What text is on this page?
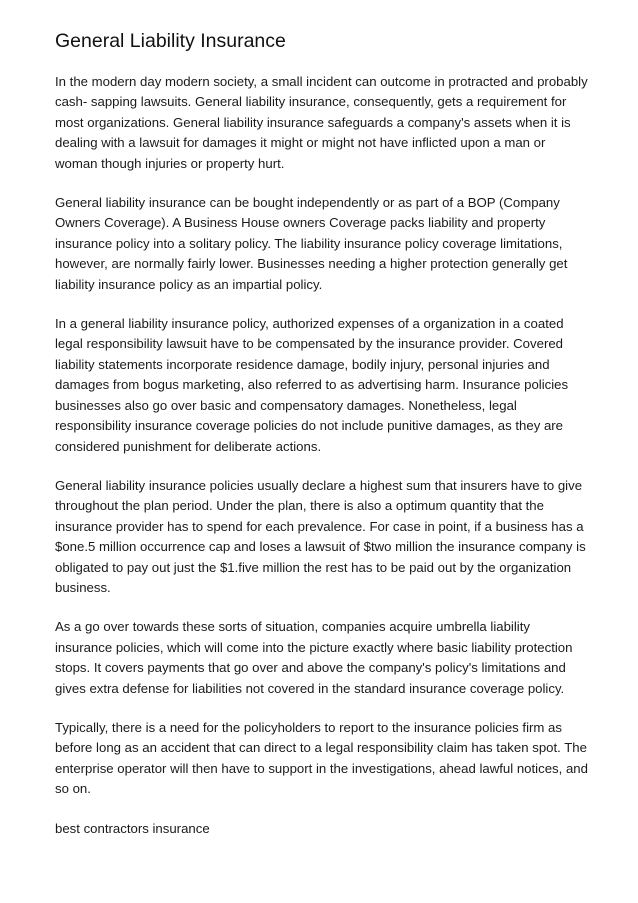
General Liability Insurance

In the modern day modern society, a small incident can outcome in protracted and probably cash- sapping lawsuits. General liability insurance, consequently, gets a requirement for most organizations. General liability insurance safeguards a company's assets when it is dealing with a lawsuit for damages it might or might not have inflicted upon a man or woman though injuries or property hurt.

General liability insurance can be bought independently or as part of a BOP (Company Owners Coverage). A Business House owners Coverage packs liability and property insurance policy into a solitary policy. The liability insurance policy coverage limitations, however, are normally fairly lower. Businesses needing a higher protection generally get liability insurance policy as an impartial policy.

In a general liability insurance policy, authorized expenses of a organization in a coated legal responsibility lawsuit have to be compensated by the insurance provider. Covered liability statements incorporate residence damage, bodily injury, personal injuries and damages from bogus marketing, also referred to as advertising harm. Insurance policies businesses also go over basic and compensatory damages. Nonetheless, legal responsibility insurance coverage policies do not include punitive damages, as they are considered punishment for deliberate actions.

General liability insurance policies usually declare a highest sum that insurers have to give throughout the plan period. Under the plan, there is also a optimum quantity that the insurance provider has to spend for each prevalence. For case in point, if a business has a $one.5 million occurrence cap and loses a lawsuit of $two million the insurance company is obligated to pay out just the $1.five million the rest has to be paid out by the organization business.

As a go over towards these sorts of situation, companies acquire umbrella liability insurance policies, which will come into the picture exactly where basic liability protection stops. It covers payments that go over and above the company's policy's limitations and gives extra defense for liabilities not covered in the standard insurance coverage policy.

Typically, there is a need for the policyholders to report to the insurance policies firm as before long as an accident that can direct to a legal responsibility claim has taken spot. The enterprise operator will then have to support in the investigations, ahead lawful notices, and so on.

best contractors insurance
